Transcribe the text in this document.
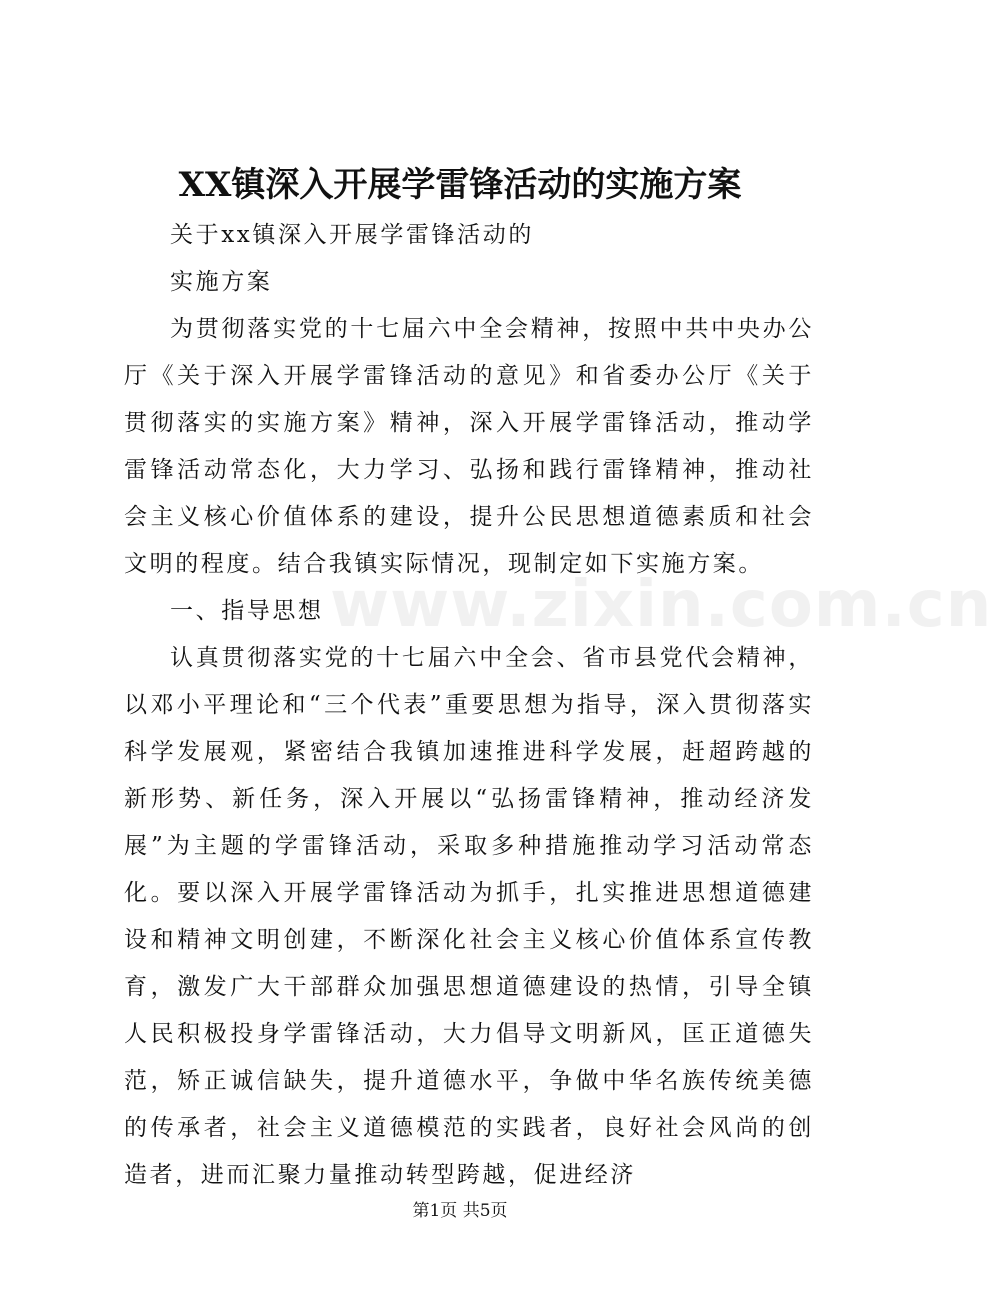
XX镇深入开展学雷锋活动的实施方案

关于xx镇深入开展学雷锋活动的

实施方案

为贯彻落实党的十七届六中全会精神，按照中共中央办公厅《关于深入开展学雷锋活动的意见》和省委办公厅《关于贯彻落实的实施方案》精神，深入开展学雷锋活动，推动学雷锋活动常态化，大力学习、弘扬和践行雷锋精神，推动社会主义核心价值体系的建设，提升公民思想道德素质和社会文明的程度。结合我镇实际情况，现制定如下实施方案。

一、指导思想

认真贯彻落实党的十七届六中全会、省市县党代会精神，以邓小平理论和“三个代表”重要思想为指导，深入贯彻落实科学发展观，紧密结合我镇加速推进科学发展，赶超跨越的新形势、新任务，深入开展以“弘扬雷锋精神，推动经济发展”为主题的学雷锋活动，采取多种措施推动学习活动常态化。要以深入开展学雷锋活动为抓手，扎实推进思想道德建设和精神文明创建，不断深化社会主义核心价值体系宣传教育，激发广大干部群众加强思想道德建设的热情，引导全镇人民积极投身学雷锋活动，大力倡导文明新风，匡正道德失范，矫正诚信缺失，提升道德水平，争做中华名族传统美德的传承者，社会主义道德模范的实践者，良好社会风尚的创造者，进而汇聚力量推动转型跨越，促进经济

www.zixin.com.cn
第1页 共5页
